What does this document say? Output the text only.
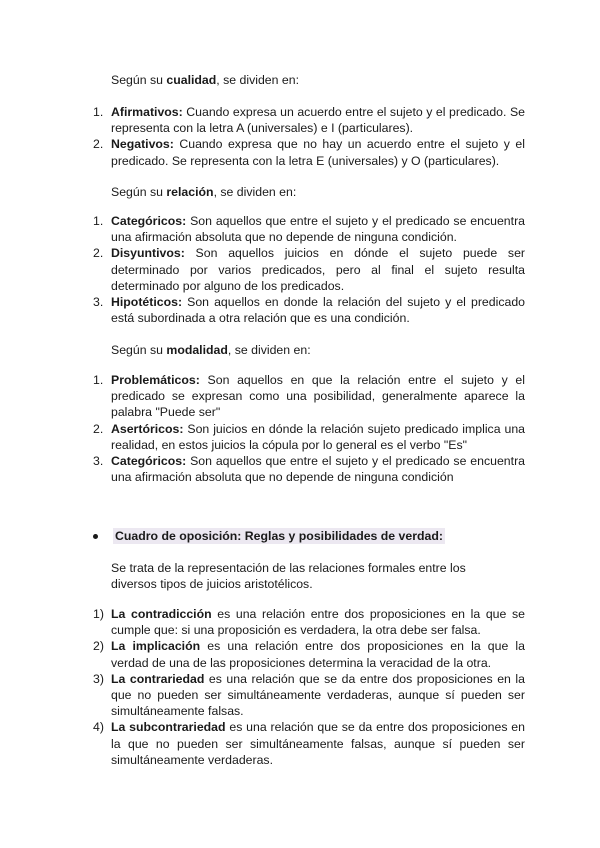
Según su cualidad, se dividen en:
1. Afirmativos: Cuando expresa un acuerdo entre el sujeto y el predicado. Se representa con la letra A (universales) e I (particulares).
2. Negativos: Cuando expresa que no hay un acuerdo entre el sujeto y el predicado. Se representa con la letra E (universales) y O (particulares).
Según su relación, se dividen en:
1. Categóricos: Son aquellos que entre el sujeto y el predicado se encuentra una afirmación absoluta que no depende de ninguna condición.
2. Disyuntivos: Son aquellos juicios en dónde el sujeto puede ser determinado por varios predicados, pero al final el sujeto resulta determinado por alguno de los predicados.
3. Hipotéticos: Son aquellos en donde la relación del sujeto y el predicado está subordinada a otra relación que es una condición.
Según su modalidad, se dividen en:
1. Problemáticos: Son aquellos en que la relación entre el sujeto y el predicado se expresan como una posibilidad, generalmente aparece la palabra "Puede ser"
2. Asertóricos: Son juicios en dónde la relación sujeto predicado implica una realidad, en estos juicios la cópula por lo general es el verbo "Es"
3. Categóricos: Son aquellos que entre el sujeto y el predicado se encuentra una afirmación absoluta que no depende de ninguna condición
Cuadro de oposición: Reglas y posibilidades de verdad:
Se trata de la representación de las relaciones formales entre los diversos tipos de juicios aristotélicos.
1) La contradicción es una relación entre dos proposiciones en la que se cumple que: si una proposición es verdadera, la otra debe ser falsa.
2) La implicación es una relación entre dos proposiciones en la que la verdad de una de las proposiciones determina la veracidad de la otra.
3) La contrariedad es una relación que se da entre dos proposiciones en la que no pueden ser simultáneamente verdaderas, aunque sí pueden ser simultáneamente falsas.
4) La subcontrariedad es una relación que se da entre dos proposiciones en la que no pueden ser simultáneamente falsas, aunque sí pueden ser simultáneamente verdaderas.
